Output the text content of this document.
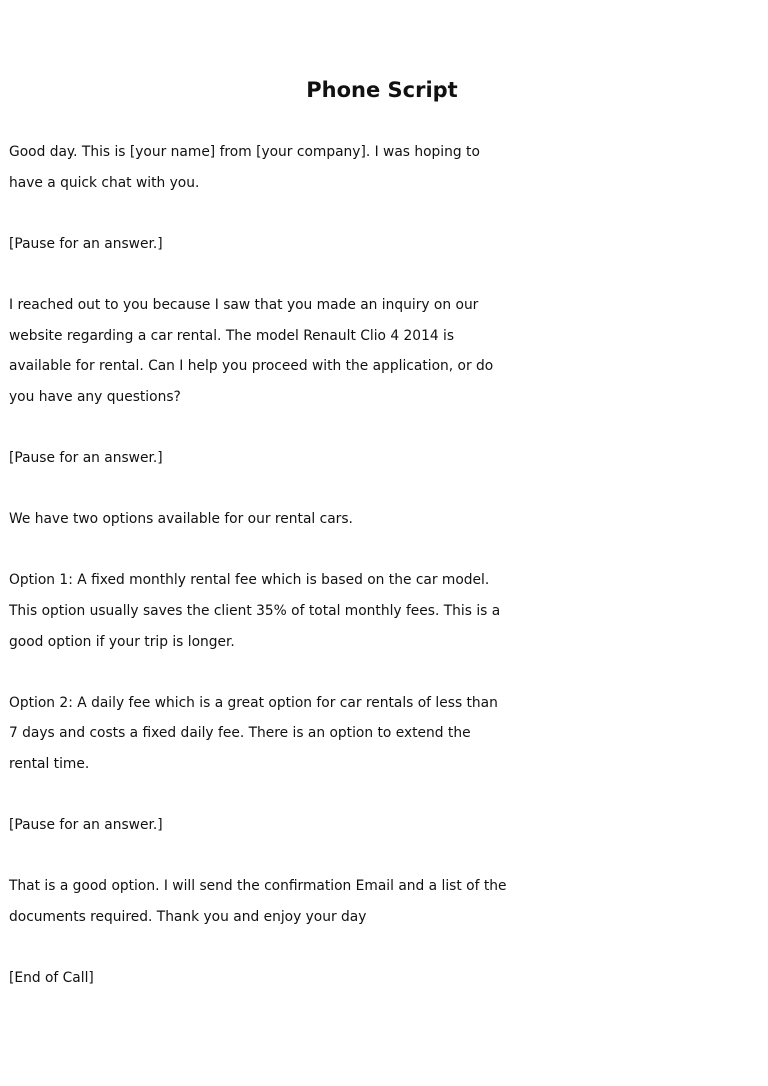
Phone Script

Good day. This is [your name] from [your company]. I was hoping to
have a quick chat with you.

[Pause for an answer.]

I reached out to you because I saw that you made an inquiry on our
website regarding a car rental. The model Renault Clio 4 2014 is
available for rental. Can I help you proceed with the application, or do
you have any questions?

[Pause for an answer.]

We have two options available for our rental cars.

Option 1: A fixed monthly rental fee which is based on the car model.
This option usually saves the client 35% of total monthly fees. This is a
good option if your trip is longer.

Option 2: A daily fee which is a great option for car rentals of less than
7 days and costs a fixed daily fee. There is an option to extend the
rental time.

[Pause for an answer.]

That is a good option. I will send the confirmation Email and a list of the
documents required. Thank you and enjoy your day

[End of Call]
